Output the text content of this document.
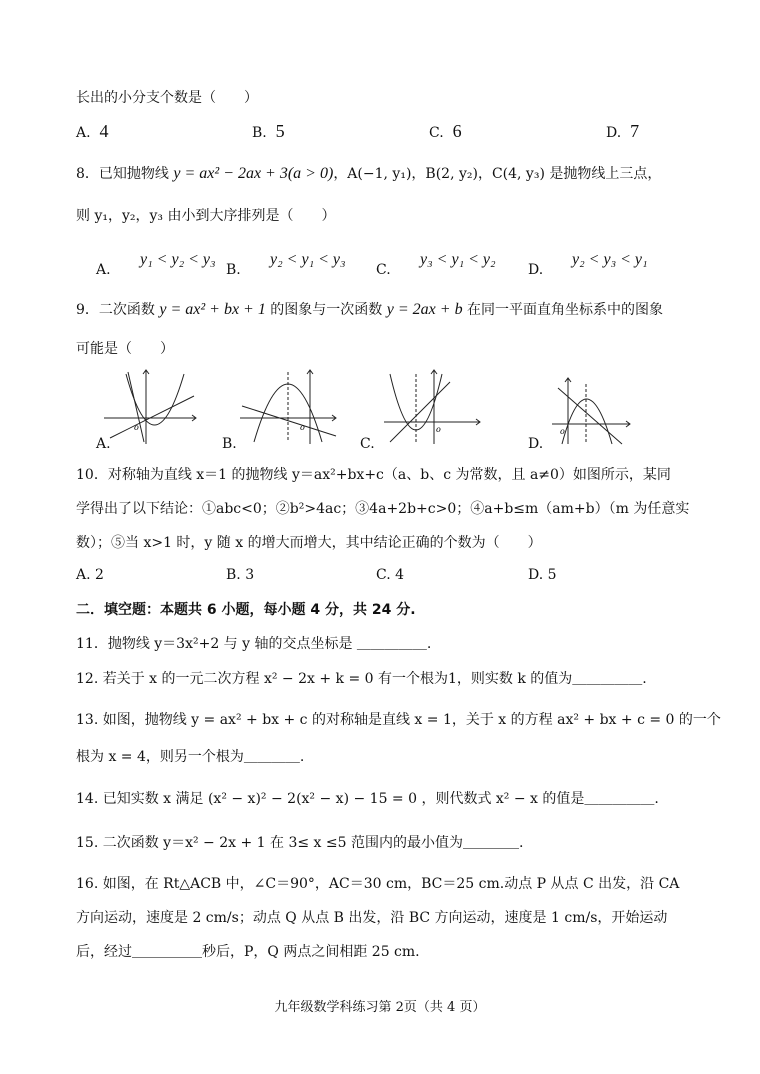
长出的小分支个数是（　　）
A. 4	B. 5	C. 6	D. 7
8．已知抛物线 y = ax² − 2ax + 3(a > 0)，A(−1, y₁)，B(2, y₂)，C(4, y₃) 是抛物线上三点，
则 y₁，y₂，y₃ 由小到大序排列是（　　）
A.
y₁ < y₂ < y₃
B.
y₂ < y₁ < y₃
C.
y₃ < y₁ < y₂
D.
y₂ < y₃ < y₁
9．二次函数 y = ax² + bx + 1 的图象与一次函数 y = 2ax + b 在同一平面直角坐标系中的图象
可能是（　　）
o
A.
o
B.
o
C.
o
D.
10．对称轴为直线 x＝1 的抛物线 y＝ax²+bx+c（a、b、c 为常数，且 a≠0）如图所示，某同
学得出了以下结论：①abc<0；②b²>4ac；③4a+2b+c>0；④a+b≤m（am+b）（m 为任意实
数）；⑤当 x>1 时，y 随 x 的增大而增大，其中结论正确的个数为（　　）
A. 2	B. 3	C. 4	D. 5
二．填空题：本题共 6 小题，每小题 4 分，共 24 分.
11．抛物线 y＝3x²+2 与 y 轴的交点坐标是 ＿＿＿＿＿.
12. 若关于 x 的一元二次方程 x² − 2x + k = 0 有一个根为1，则实数 k 的值为＿＿＿＿＿.
13. 如图，抛物线 y = ax² + bx + c 的对称轴是直线 x = 1，关于 x 的方程 ax² + bx + c = 0 的一个
根为 x = 4，则另一个根为＿＿＿＿.
14. 已知实数 x 满足 (x² − x)² − 2(x² − x) − 15 = 0 ，则代数式 x² − x 的值是＿＿＿＿＿.
15. 二次函数 y＝x² − 2x + 1 在 3≤ x ≤5 范围内的最小值为＿＿＿＿.
16. 如图，在 Rt△ACB 中，∠C＝90°，AC＝30 cm，BC＝25 cm.动点 P 从点 C 出发，沿 CA
方向运动，速度是 2 cm/s；动点 Q 从点 B 出发，沿 BC 方向运动，速度是 1 cm/s，开始运动
后，经过＿＿＿＿＿秒后，P，Q 两点之间相距 25 cm.
九年级数学科练习第 2页（共 4 页）
